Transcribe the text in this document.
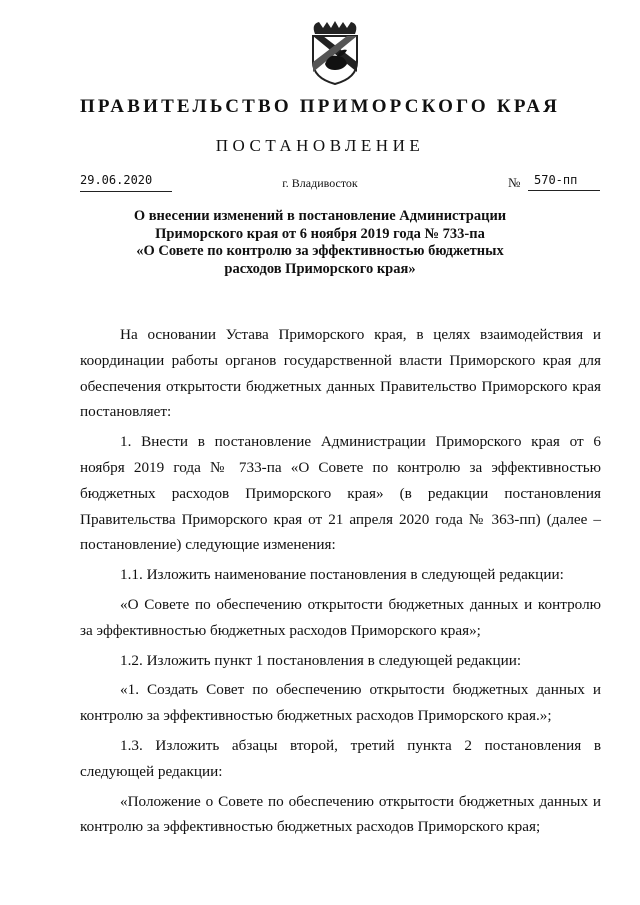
ПРАВИТЕЛЬСТВО ПРИМОРСКОГО КРАЯ
ПОСТАНОВЛЕНИЕ
29.06.2020	г. Владивосток	№	570-пп
О внесении изменений в постановление Администрации
Приморского края от 6 ноября 2019 года № 733-па
«О Совете по контролю за эффективностью бюджетных
расходов Приморского края»

На основании Устава Приморского края, в целях взаимодействия и координации работы органов государственной власти Приморского края для обеспечения открытости бюджетных данных Правительство Приморского края постановляет:

1. Внести в постановление Администрации Приморского края от 6 ноября 2019 года № 733-па «О Совете по контролю за эффективностью бюджетных расходов Приморского края» (в редакции постановления Правительства Приморского края от 21 апреля 2020 года № 363-пп) (далее – постановление) следующие изменения:

1.1. Изложить наименование постановления в следующей редакции:

«О Совете по обеспечению открытости бюджетных данных и контролю за эффективностью бюджетных расходов Приморского края»;

1.2. Изложить пункт 1 постановления в следующей редакции:

«1. Создать Совет по обеспечению открытости бюджетных данных и контролю за эффективностью бюджетных расходов Приморского края.»;

1.3. Изложить абзацы второй, третий пункта 2 постановления в следующей редакции:

«Положение о Совете по обеспечению открытости бюджетных данных и контролю за эффективностью бюджетных расходов Приморского края;
